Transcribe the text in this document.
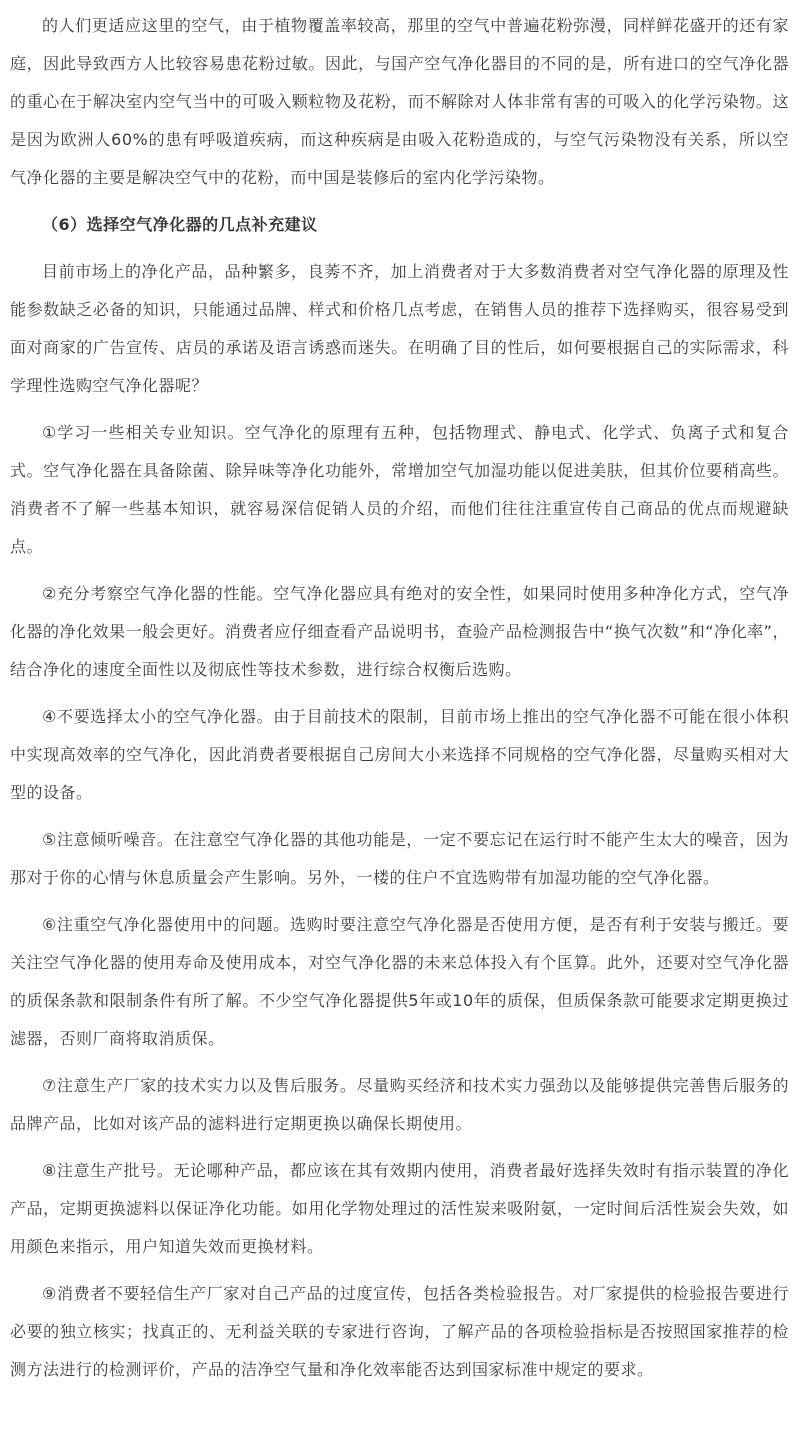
的人们更适应这里的空气，由于植物覆盖率较高，那里的空气中普遍花粉弥漫，同样鲜花盛开的还有家庭，因此导致西方人比较容易患花粉过敏。因此，与国产空气净化器目的不同的是，所有进口的空气净化器的重心在于解决室内空气当中的可吸入颗粒物及花粉，而不解除对人体非常有害的可吸入的化学污染物。这是因为欧洲人60%的患有呼吸道疾病，而这种疾病是由吸入花粉造成的，与空气污染物没有关系，所以空气净化器的主要是解决空气中的花粉，而中国是装修后的室内化学污染物。

（6）选择空气净化器的几点补充建议

目前市场上的净化产品，品种繁多，良莠不齐，加上消费者对于大多数消费者对空气净化器的原理及性能参数缺乏必备的知识，只能通过品牌、样式和价格几点考虑，在销售人员的推荐下选择购买，很容易受到面对商家的广告宣传、店员的承诺及语言诱惑而迷失。在明确了目的性后，如何要根据自己的实际需求，科学理性选购空气净化器呢？

①学习一些相关专业知识。空气净化的原理有五种，包括物理式、静电式、化学式、负离子式和复合式。空气净化器在具备除菌、除异味等净化功能外，常增加空气加湿功能以促进美肤，但其价位要稍高些。消费者不了解一些基本知识，就容易深信促销人员的介绍，而他们往往注重宣传自己商品的优点而规避缺点。

②充分考察空气净化器的性能。空气净化器应具有绝对的安全性，如果同时使用多种净化方式，空气净化器的净化效果一般会更好。消费者应仔细查看产品说明书，查验产品检测报告中“换气次数”和“净化率”，结合净化的速度全面性以及彻底性等技术参数，进行综合权衡后选购。

④不要选择太小的空气净化器。由于目前技术的限制，目前市场上推出的空气净化器不可能在很小体积中实现高效率的空气净化，因此消费者要根据自己房间大小来选择不同规格的空气净化器，尽量购买相对大型的设备。

⑤注意倾听噪音。在注意空气净化器的其他功能是，一定不要忘记在运行时不能产生太大的噪音，因为那对于你的心情与休息质量会产生影响。另外，一楼的住户不宜选购带有加湿功能的空气净化器。

⑥注重空气净化器使用中的问题。选购时要注意空气净化器是否使用方便，是否有利于安装与搬迁。要关注空气净化器的使用寿命及使用成本，对空气净化器的未来总体投入有个匡算。此外，还要对空气净化器的质保条款和限制条件有所了解。不少空气净化器提供5年或10年的质保，但质保条款可能要求定期更换过滤器，否则厂商将取消质保。

⑦注意生产厂家的技术实力以及售后服务。尽量购买经济和技术实力强劲以及能够提供完善售后服务的品牌产品，比如对该产品的滤料进行定期更换以确保长期使用。

⑧注意生产批号。无论哪种产品，都应该在其有效期内使用，消费者最好选择失效时有指示装置的净化产品，定期更换滤料以保证净化功能。如用化学物处理过的活性炭来吸附氨，一定时间后活性炭会失效，如用颜色来指示，用户知道失效而更换材料。

⑨消费者不要轻信生产厂家对自己产品的过度宣传，包括各类检验报告。对厂家提供的检验报告要进行必要的独立核实；找真正的、无利益关联的专家进行咨询，了解产品的各项检验指标是否按照国家推荐的检测方法进行的检测评价，产品的洁净空气量和净化效率能否达到国家标准中规定的要求。
